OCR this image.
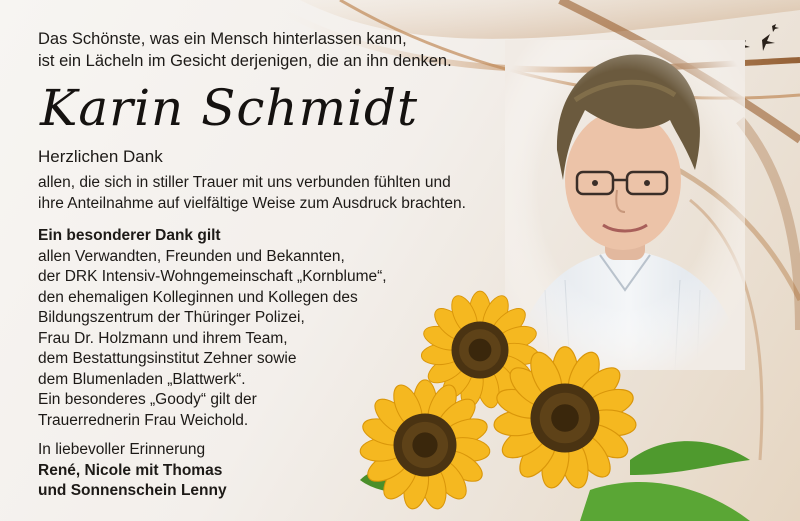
Das Schönste, was ein Mensch hinterlassen kann,
ist ein Lächeln im Gesicht derjenigen, die an ihn denken.
Karin Schmidt
Herzlichen Dank
allen, die sich in stiller Trauer mit uns verbunden fühlten und
ihre Anteilnahme auf vielfältige Weise zum Ausdruck brachten.
Ein besonderer Dank gilt
allen Verwandten, Freunden und Bekannten,
der DRK Intensiv-Wohngemeinschaft „Kornblume“,
den ehemaligen Kolleginnen und Kollegen des
Bildungszentrum der Thüringer Polizei,
Frau Dr. Holzmann und ihrem Team,
dem Bestattungsinstitut Zehner sowie
dem Blumenladen „Blattwerk“.
Ein besonderes „Goody“ gilt der
Trauerrednerin Frau Weichold.
In liebevoller Erinnerung
René, Nicole mit Thomas
und Sonnenschein Lenny
